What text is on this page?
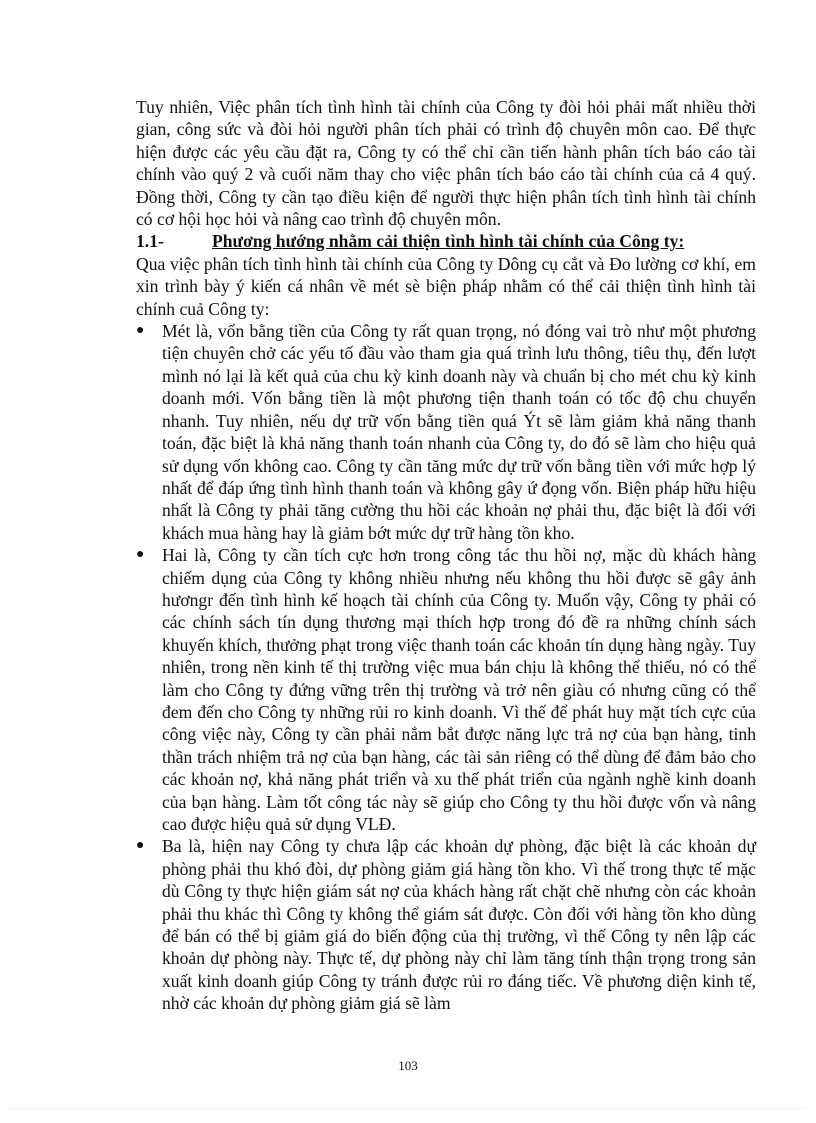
Tuy nhiên, Việc phân tích tình hình tài chính của Công ty đòi hỏi phải mất nhiều thời gian, công sức và đòi hỏi người phân tích phải có trình độ chuyên môn cao. Để thực hiện được các yêu cầu đặt ra, Công ty có thể chỉ cần tiến hành phân tích báo cáo tài chính vào quý 2 và cuối năm thay cho việc phân tích báo cáo tài chính của cả 4 quý. Đồng thời, Công ty cần tạo điều kiện để người thực hiện phân tích tình hình tài chính có cơ hội học hỏi và nâng cao trình độ chuyên môn.

1.1-	Phương hướng nhằm cải thiện tình hình tài chính của Công ty:

Qua việc phân tích tình hình tài chính của Công ty Dông cụ cắt và Đo lường cơ khí, em xin trình bày ý kiến cá nhân về mét sè biện pháp nhằm có thể cải thiện tình hình tài chính cuả Công ty:

● Mét là, vốn bằng tiền của Công ty rất quan trọng, nó đóng vai trò như một phương tiện chuyên chở các yếu tố đầu vào tham gia quá trình lưu thông, tiêu thụ, đến lượt mình nó lại là kết quả của chu kỳ kinh doanh này và chuẩn bị cho mét chu kỳ kinh doanh mới. Vốn bằng tiền là một phương tiện thanh toán có tốc độ chu chuyển nhanh. Tuy nhiên, nếu dự trữ vốn bằng tiền quá Ýt sẽ làm giảm khả năng thanh toán, đặc biệt là khả năng thanh toán nhanh của Công ty, do đó sẽ làm cho hiệu quả sử dụng vốn không cao. Công ty cần tăng mức dự trữ vốn bằng tiền với mức hợp lý nhất để đáp ứng tình hình thanh toán và không gây ứ đọng vốn. Biện pháp hữu hiệu nhất là Công ty phải tăng cường thu hồi các khoản nợ phải thu, đặc biệt là đối với khách mua hàng hay là giảm bớt mức dự trữ hàng tồn kho.

● Hai là, Công ty cần tích cực hơn trong công tác thu hồi nợ, mặc dù khách hàng chiếm dụng của Công ty không nhiều nhưng nếu không thu hồi được sẽ gây ảnh hươngr đến tình hình kế hoạch tài chính của Công ty. Muốn vậy, Công ty phải có các chính sách tín dụng thương mại thích hợp trong đó đề ra những chính sách khuyến khích, thưởng phạt trong việc thanh toán các khoản tín dụng hàng ngày. Tuy nhiên, trong nền kinh tế thị trường việc mua bán chịu là không thể thiếu, nó có thể làm cho Công ty đứng vững trên thị trường và trở nên giàu có nhưng cũng có thể đem đến cho Công ty những rủi ro kinh doanh. Vì thế để phát huy mặt tích cực của công việc này, Công ty cần phải nắm bắt được năng lực trả nợ của bạn hàng, tinh thần trách nhiệm trả nợ của bạn hàng, các tài sản riêng có thể dùng để đảm bảo cho các khoản nợ, khả năng phát triển và xu thế phát triển của ngành nghề kinh doanh của bạn hàng. Làm tốt công tác này sẽ giúp cho Công ty thu hồi được vốn và nâng cao được hiệu quả sử dụng VLĐ.

● Ba là, hiện nay Công ty chưa lập các khoản dự phòng, đặc biệt là các khoản dự phòng phải thu khó đòi, dự phòng giảm giá hàng tồn kho. Vì thế trong thực tế mặc dù Công ty thực hiện giám sát nợ của khách hàng rất chặt chẽ nhưng còn các khoản phải thu khác thì Công ty không thể giám sát được. Còn đối với hàng tồn kho dùng để bán có thể bị giảm giá do biến động của thị trường, vì thế Công ty nên lập các khoản dự phòng này. Thực tế, dự phòng này chỉ làm tăng tính thận trọng trong sản xuất kinh doanh giúp Công ty tránh được rủi ro đáng tiếc. Về phương diện kinh tế, nhờ các khoản dự phòng giảm giá sẽ làm

103
